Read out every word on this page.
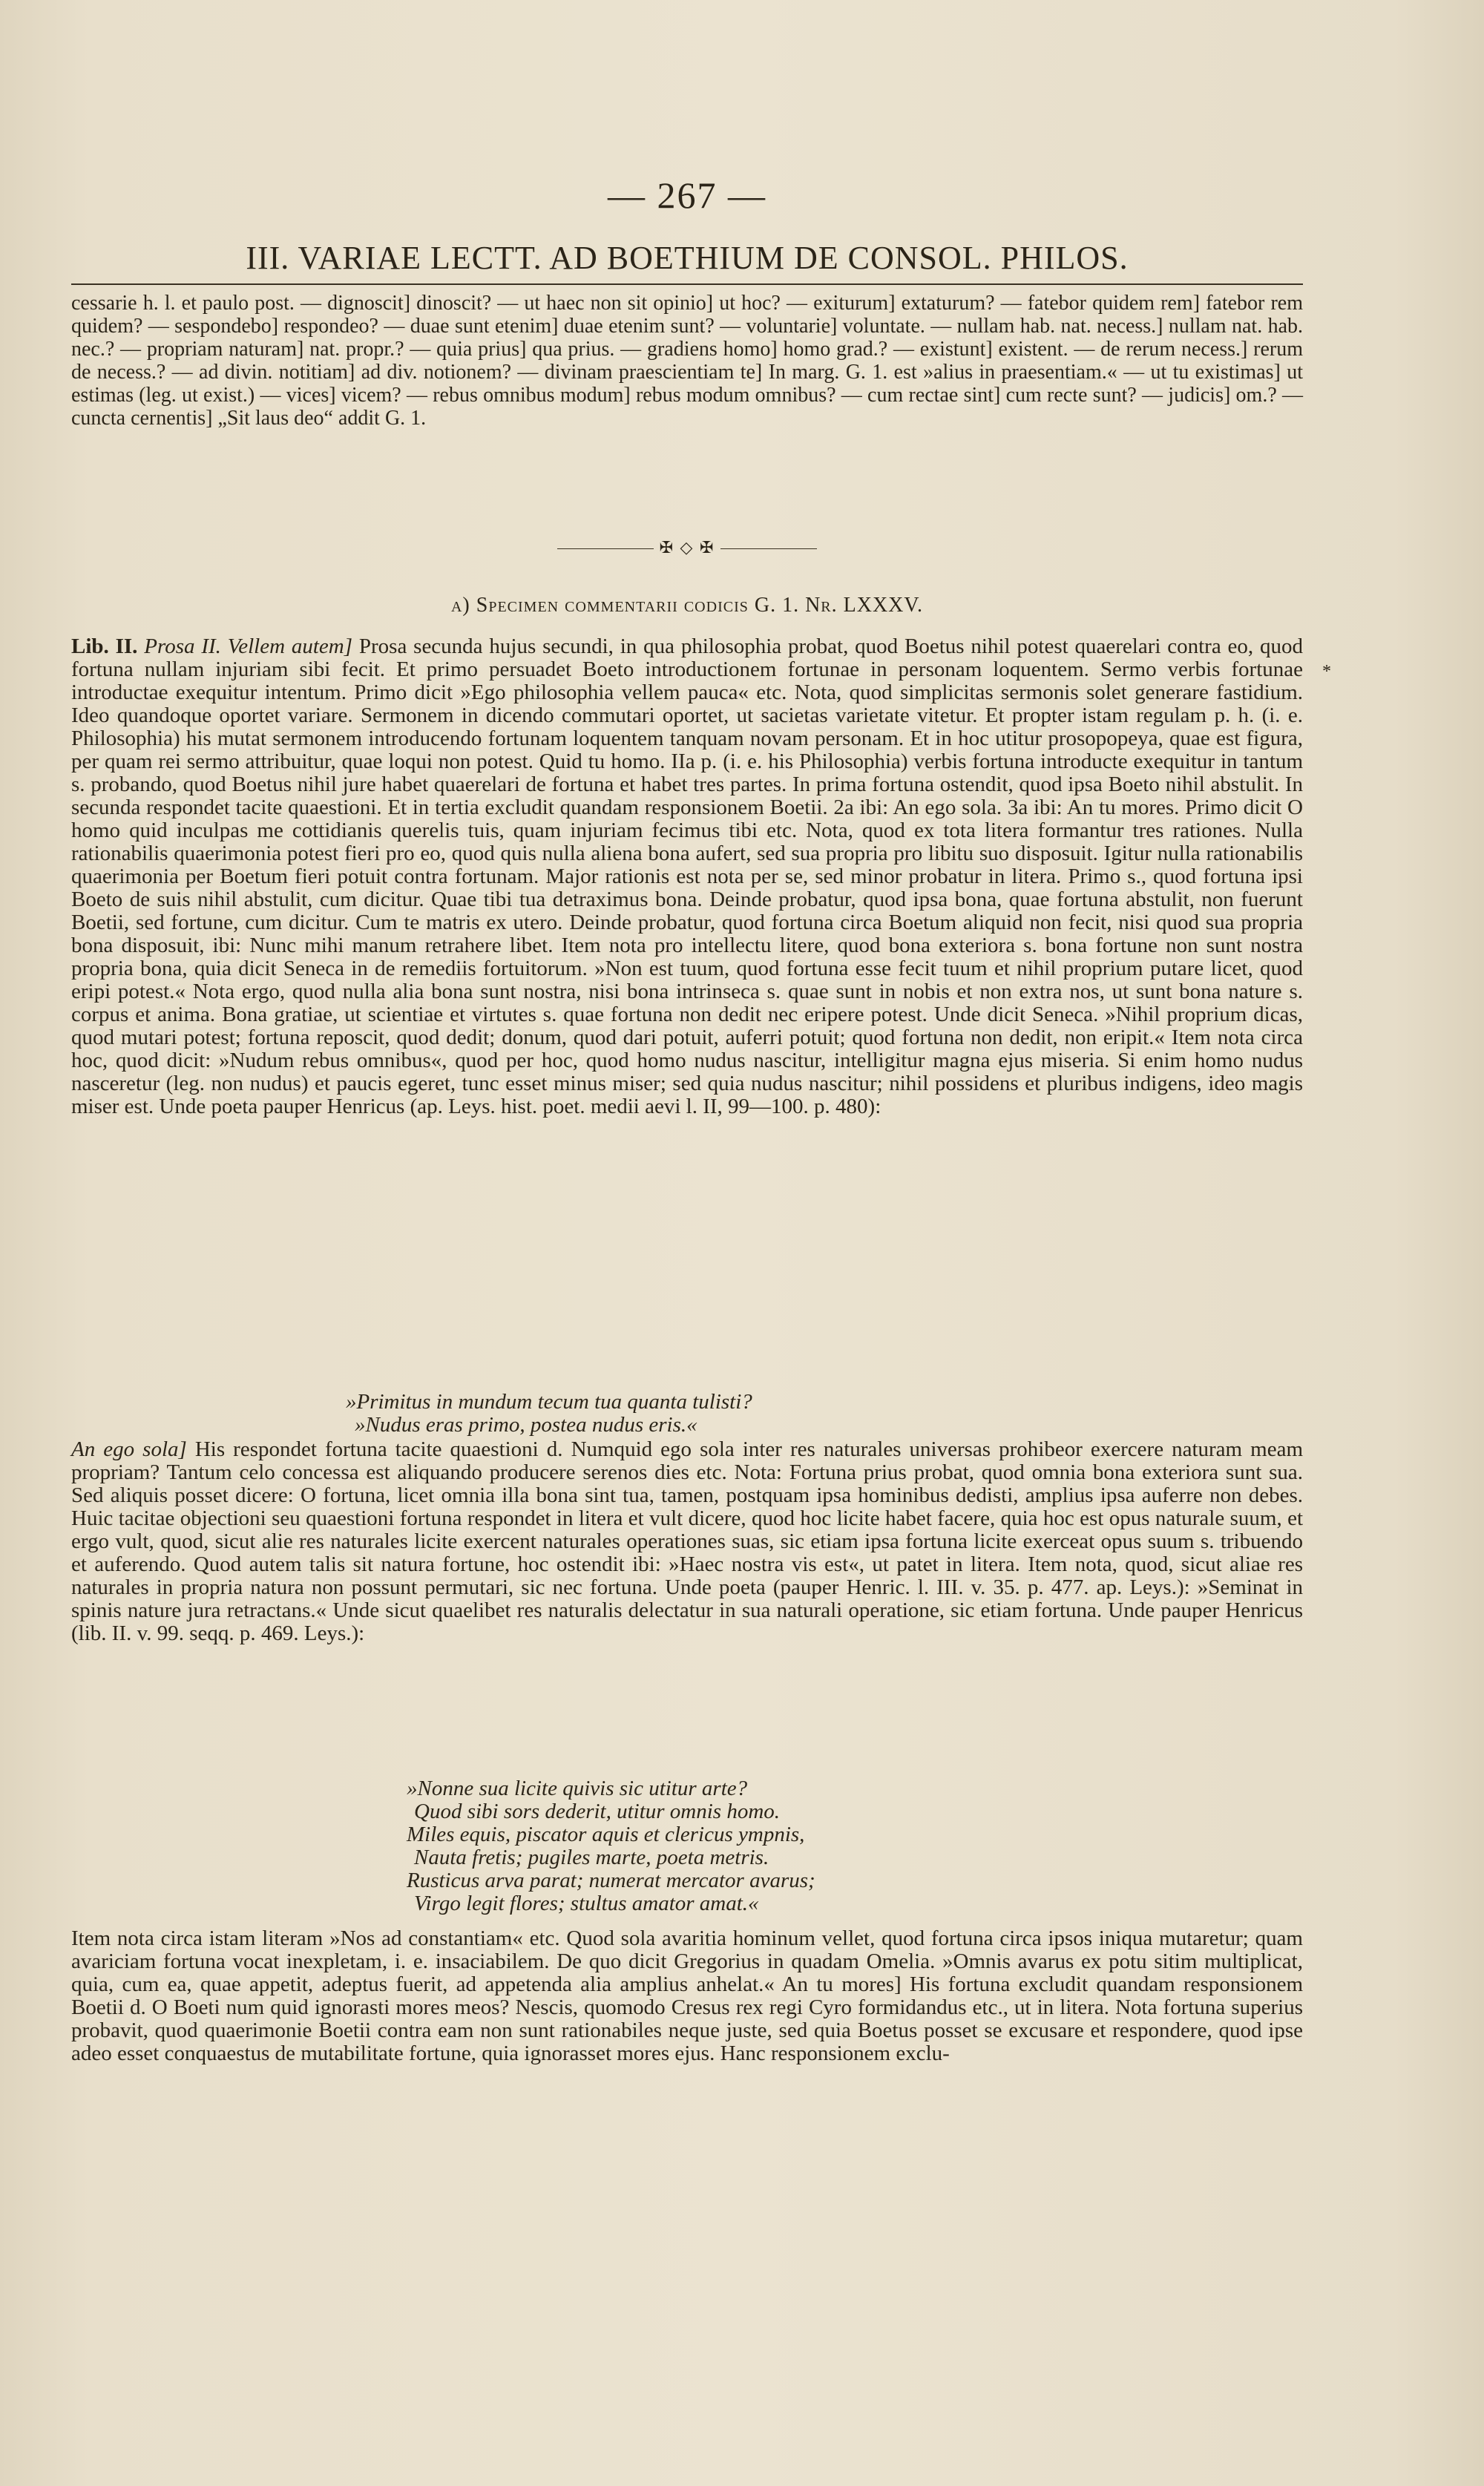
— 267 —
III. VARIAE LECTT. AD BOETHIUM DE CONSOL. PHILOS.

cessarie h. l. et paulo post. — dignoscit] dinoscit? — ut haec non sit opinio] ut hoc? — exiturum] extaturum? — fatebor quidem rem] fatebor rem quidem? — sespondebo] respondeo? — duae sunt etenim] duae etenim sunt? — voluntarie] voluntate. — nullam hab. nat. necess.] nullam nat. hab. nec.? — propriam naturam] nat. propr.? — quia prius] qua prius. — gradiens homo] homo grad.? — existunt] existent. — de rerum necess.] rerum de necess.? — ad divin. notitiam] ad div. notionem? — divinam praescientiam te] In marg. G. 1. est »alius in praesentiam.« — ut tu existimas] ut estimas (leg. ut exist.) — vices] vicem? — rebus omnibus modum] rebus modum omnibus? — cum rectae sint] cum recte sunt? — judicis] om.? — cuncta cernentis] „Sit laus deo“ addit G. 1.

✠ ◇ ✠
a) Specimen commentarii codicis G. 1. Nr. LXXXV.

Lib. II. Prosa II. Vellem autem] Prosa secunda hujus secundi, in qua philosophia probat, quod Boetus nihil potest quaerelari contra eo, quod fortuna nullam injuriam sibi fecit. Et primo persuadet Boeto introductionem fortunae in personam loquentem. Sermo verbis fortunae introductae exequitur intentum. Primo dicit »Ego philosophia vellem pauca« etc. Nota, quod simplicitas sermonis solet generare fastidium. Ideo quandoque oportet variare. Sermonem in dicendo commutari oportet, ut sacietas varietate vitetur. Et propter istam regulam p. h. (i. e. Philosophia) his mutat sermonem introducendo fortunam loquentem tanquam novam personam. Et in hoc utitur prosopopeya, quae est figura, per quam rei sermo attribuitur, quae loqui non potest. Quid tu homo. IIa p. (i. e. his Philosophia) verbis fortuna introducte exequitur in tantum s. probando, quod Boetus nihil jure habet quaerelari de fortuna et habet tres partes. In prima fortuna ostendit, quod ipsa Boeto nihil abstulit. In secunda respondet tacite quaestioni. Et in tertia excludit quandam responsionem Boetii. 2a ibi: An ego sola. 3a ibi: An tu mores. Primo dicit O homo quid inculpas me cottidianis querelis tuis, quam injuriam fecimus tibi etc. Nota, quod ex tota litera formantur tres rationes. Nulla rationabilis quaerimonia potest fieri pro eo, quod quis nulla aliena bona aufert, sed sua propria pro libitu suo disposuit. Igitur nulla rationabilis quaerimonia per Boetum fieri potuit contra fortunam. Major rationis est nota per se, sed minor probatur in litera. Primo s., quod fortuna ipsi Boeto de suis nihil abstulit, cum dicitur. Quae tibi tua detraximus bona. Deinde probatur, quod ipsa bona, quae fortuna abstulit, non fuerunt Boetii, sed fortune, cum dicitur. Cum te matris ex utero. Deinde probatur, quod fortuna circa Boetum aliquid non fecit, nisi quod sua propria bona disposuit, ibi: Nunc mihi manum retrahere libet. Item nota pro intellectu litere, quod bona exteriora s. bona fortune non sunt nostra propria bona, quia dicit Seneca in de remediis fortuitorum. »Non est tuum, quod fortuna esse fecit tuum et nihil proprium putare licet, quod eripi potest.« Nota ergo, quod nulla alia bona sunt nostra, nisi bona intrinseca s. quae sunt in nobis et non extra nos, ut sunt bona nature s. corpus et anima. Bona gratiae, ut scientiae et virtutes s. quae fortuna non dedit nec eripere potest. Unde dicit Seneca. »Nihil proprium dicas, quod mutari potest; fortuna reposcit, quod dedit; donum, quod dari potuit, auferri potuit; quod fortuna non dedit, non eripit.« Item nota circa hoc, quod dicit: »Nudum rebus omnibus«, quod per hoc, quod homo nudus nascitur, intelligitur magna ejus miseria. Si enim homo nudus nasceretur (leg. non nudus) et paucis egeret, tunc esset minus miser; sed quia nudus nascitur; nihil possidens et pluribus indigens, ideo magis miser est. Unde poeta pauper Henricus (ap. Leys. hist. poet. medii aevi l. II, 99—100. p. 480):

»Primitus in mundum tecum tua quanta tulisti?
»Nudus eras primo, postea nudus eris.«

An ego sola] His respondet fortuna tacite quaestioni d. Numquid ego sola inter res naturales universas prohibeor exercere naturam meam propriam? Tantum celo concessa est aliquando producere serenos dies etc. Nota: Fortuna prius probat, quod omnia bona exteriora sunt sua. Sed aliquis posset dicere: O fortuna, licet omnia illa bona sint tua, tamen, postquam ipsa hominibus dedisti, amplius ipsa auferre non debes. Huic tacitae objectioni seu quaestioni fortuna respondet in litera et vult dicere, quod hoc licite habet facere, quia hoc est opus naturale suum, et ergo vult, quod, sicut alie res naturales licite exercent naturales operationes suas, sic etiam ipsa fortuna licite exerceat opus suum s. tribuendo et auferendo. Quod autem talis sit natura fortune, hoc ostendit ibi: »Haec nostra vis est«, ut patet in litera. Item nota, quod, sicut aliae res naturales in propria natura non possunt permutari, sic nec fortuna. Unde poeta (pauper Henric. l. III. v. 35. p. 477. ap. Leys.): »Seminat in spinis nature jura retractans.« Unde sicut quaelibet res naturalis delectatur in sua naturali operatione, sic etiam fortuna. Unde pauper Henricus (lib. II. v. 99. seqq. p. 469. Leys.):

»Nonne sua licite quivis sic utitur arte?
Quod sibi sors dederit, utitur omnis homo.
Miles equis, piscator aquis et clericus ympnis,
Nauta fretis; pugiles marte, poeta metris.
Rusticus arva parat; numerat mercator avarus;
Virgo legit flores; stultus amator amat.«

Item nota circa istam literam »Nos ad constantiam« etc. Quod sola avaritia hominum vellet, quod fortuna circa ipsos iniqua mutaretur; quam avariciam fortuna vocat inexpletam, i. e. insaciabilem. De quo dicit Gregorius in quadam Omelia. »Omnis avarus ex potu sitim multiplicat, quia, cum ea, quae appetit, adeptus fuerit, ad appetenda alia amplius anhelat.« An tu mores] His fortuna excludit quandam responsionem Boetii d. O Boeti num quid ignorasti mores meos? Nescis, quomodo Cresus rex regi Cyro formidandus etc., ut in litera. Nota fortuna superius probavit, quod quaerimonie Boetii contra eam non sunt rationabiles neque juste, sed quia Boetus posset se excusare et respondere, quod ipse adeo esset conquaestus de mutabilitate fortune, quia ignorasset mores ejus. Hanc responsionem exclu-

*
